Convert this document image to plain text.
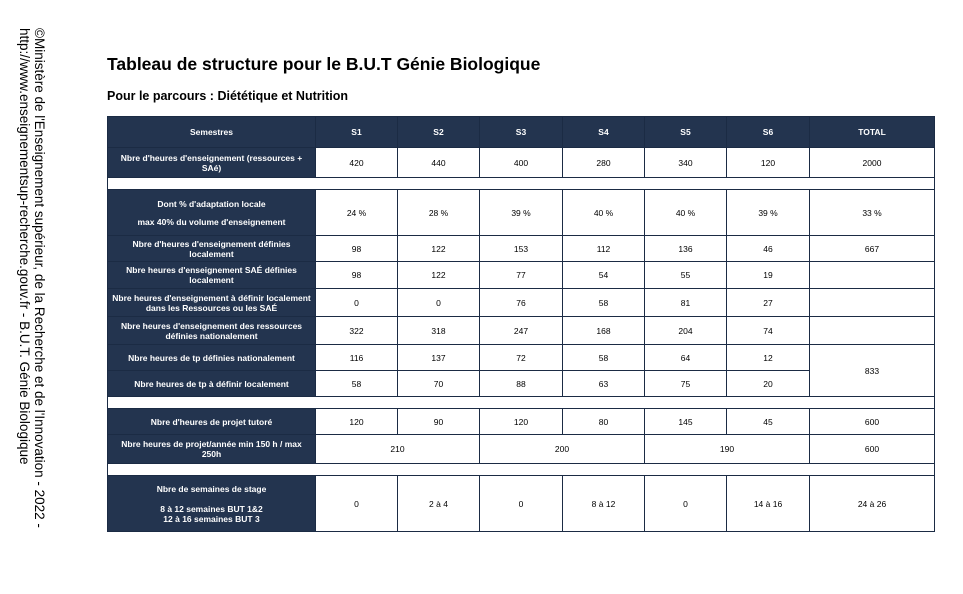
©Ministère de l'Enseignement supérieur, de la Recherche et de l'Innovation - 2022 -
http://www.enseignementsup-recherche.gouv.fr - B.U.T. Génie Biologique	Tableau de structure pour le B.U.T Génie Biologique
Pour le parcours : Diététique et Nutrition
Semestres	S1	S2	S3	S4	S5	S6	TOTAL
Nbre d'heures d'enseignement (ressources + SAé)	420	440	400	280	340	120	2000

Dont % d'adaptation locale
max 40% du volume d'enseignement	24 %	28 %	39 %	40 %	40 %	39 %	33 %
Nbre d'heures d'enseignement définies localement	98	122	153	112	136	46	667
Nbre heures d'enseignement SAÉ définies localement	98	122	77	54	55	19	
Nbre heures d'enseignement à définir localement dans les Ressources ou les SAÉ	0	0	76	58	81	27	
Nbre heures d'enseignement des ressources définies nationalement	322	318	247	168	204	74	
Nbre heures de tp définies nationalement	116	137	72	58	64	12	833
Nbre heures de tp à définir localement	58	70	88	63	75	20	

Nbre d'heures de projet tutoré	120	90	120	80	145	45	600
Nbre heures de projet/année min 150 h / max 250h	210		200		190		600

Nbre de semaines de stage
8 à 12 semaines BUT 1&2
12 à 16 semaines BUT 3	0	2 à 4	0	8 à 12	0	14 à 16	24 à 26
